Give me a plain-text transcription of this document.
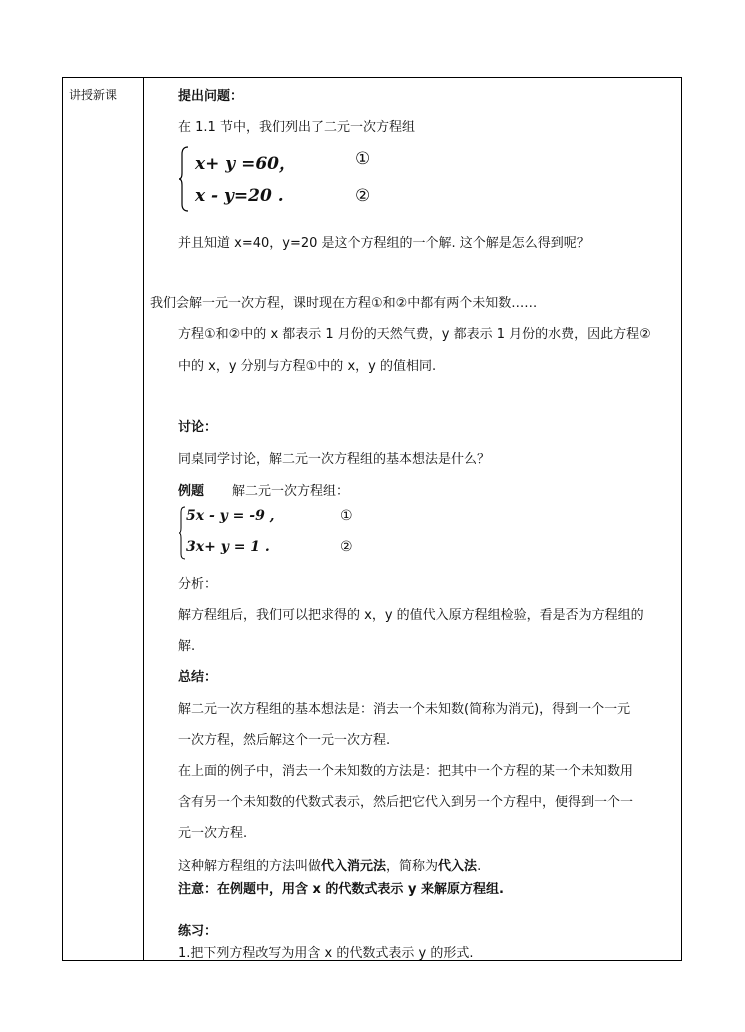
讲授新课	提出问题：
在 1.1 节中，我们列出了二元一次方程组
x+ y =60，	①
x - y=20 .	②
并且知道 x=40，y=20 是这个方程组的一个解. 这个解是怎么得到呢？
我们会解一元一次方程，课时现在方程①和②中都有两个未知数……
方程①和②中的 x 都表示 1 月份的天然气费，y 都表示 1 月份的水费，因此方程②
中的 x，y 分别与方程①中的 x，y 的值相同.
讨论：
同桌同学讨论，解二元一次方程组的基本想法是什么？
例题 解二元一次方程组：
5x - y = -9 ,	①
3x+ y = 1 .	②
分析：
解方程组后，我们可以把求得的 x，y 的值代入原方程组检验，看是否为方程组的
解.
总结：
解二元一次方程组的基本想法是：消去一个未知数(简称为消元)，得到一个一元
一次方程，然后解这个一元一次方程.
在上面的例子中，消去一个未知数的方法是：把其中一个方程的某一个未知数用
含有另一个未知数的代数式表示，然后把它代入到另一个方程中，便得到一个一
元一次方程.
这种解方程组的方法叫做代入消元法，简称为代入法.
注意：在例题中，用含 x 的代数式表示 y 来解原方程组.
练习：
1.把下列方程改写为用含 x 的代数式表示 y 的形式.
